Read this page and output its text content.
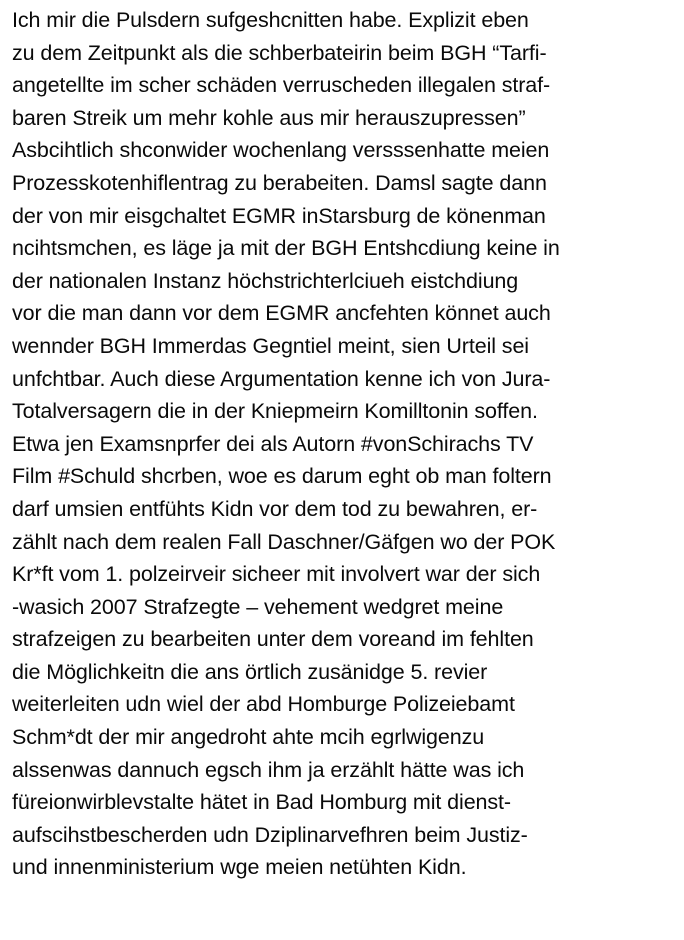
Ich mir die Pulsdern sufgeshcnitten habe. Explizit eben
zu dem Zeitpunkt als die schberbateirin beim BGH “Tarfi-
angetellte im scher schäden verruscheden illegalen straf-
baren Streik um mehr kohle aus mir herauszupressen”
Asbcihtlich shconwider wochenlang versssenhatte meien
Prozesskotenhiflentrag zu berabeiten. Damsl sagte dann
der von mir eisgchaltet EGMR inStarsburg de könenman
ncihtsmchen, es läge ja mit der BGH Entshcdiung keine in
der nationalen Instanz höchstrichterlciueh eistchdiung
vor die man dann vor dem EGMR ancfehten könnet auch
wennder BGH Immerdas Gegntiel meint, sien Urteil sei
unfchtbar. Auch diese Argumentation kenne ich von Jura-
Totalversagern die in der Kniepmeirn Komilltonin soffen.
Etwa jen Examsnprfer dei als Autorn #vonSchirachs TV
Film #Schuld shcrben, woe es darum eght ob man foltern
darf umsien entfühts Kidn vor dem tod zu bewahren, er-
zählt nach dem realen Fall Daschner/Gäfgen wo der POK
Kr*ft vom 1. polzeirveir sicheer mit involvert war der sich
-wasich 2007 Strafzegte – vehement wedgret meine
strafzeigen zu bearbeiten unter dem voreand im fehlten
die Möglichkeitn die ans örtlich zusänidge 5. revier
weiterleiten udn wiel der abd Homburge Polizeiebamt
Schm*dt der mir angedroht ahte mcih egrlwigenzu
alssenwas dannuch egsch ihm ja erzählt hätte was ich
füreionwirblevstalte hätet in Bad Homburg mit dienst-
aufscihstbescherden udn Dziplinarvefhren beim Justiz-
und innenministerium wge meien netühten Kidn.
